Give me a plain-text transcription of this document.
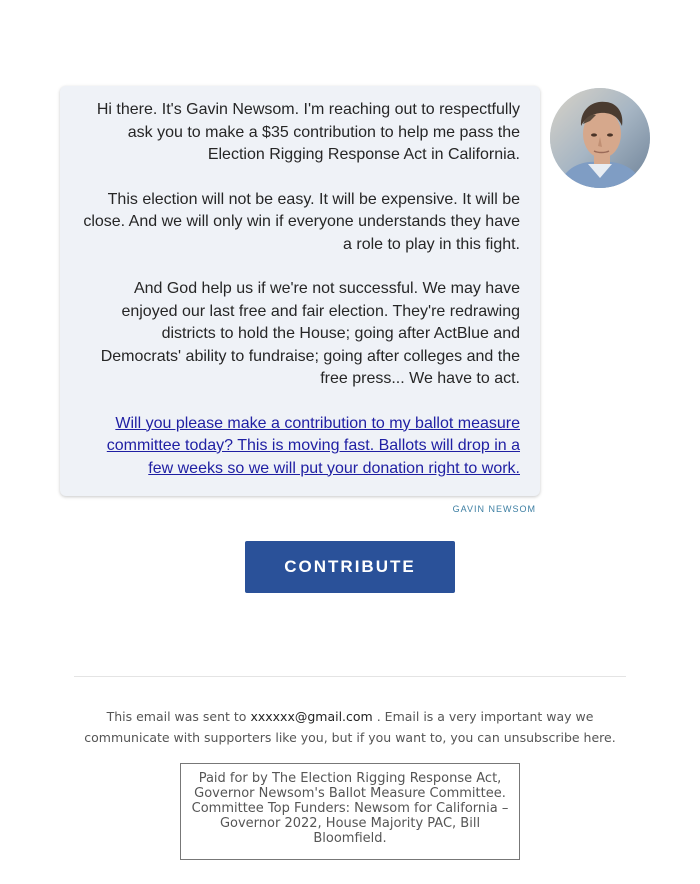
Hi there. It's Gavin Newsom. I'm reaching out to respectfully ask you to make a $35 contribution to help me pass the Election Rigging Response Act in California.

This election will not be easy. It will be expensive. It will be close. And we will only win if everyone understands they have a role to play in this fight.

And God help us if we're not successful. We may have enjoyed our last free and fair election. They're redrawing districts to hold the House; going after ActBlue and Democrats' ability to fundraise; going after colleges and the free press... We have to act.

Will you please make a contribution to my ballot measure committee today? This is moving fast. Ballots will drop in a few weeks so we will put your donation right to work.

GAVIN NEWSOM
CONTRIBUTE
This email was sent to xxxxxx@gmail.com . Email is a very important way we communicate with supporters like you, but if you want to, you can unsubscribe here.
Paid for by The Election Rigging Response Act, Governor Newsom's Ballot Measure Committee. Committee Top Funders: Newsom for California – Governor 2022, House Majority PAC, Bill Bloomfield.
